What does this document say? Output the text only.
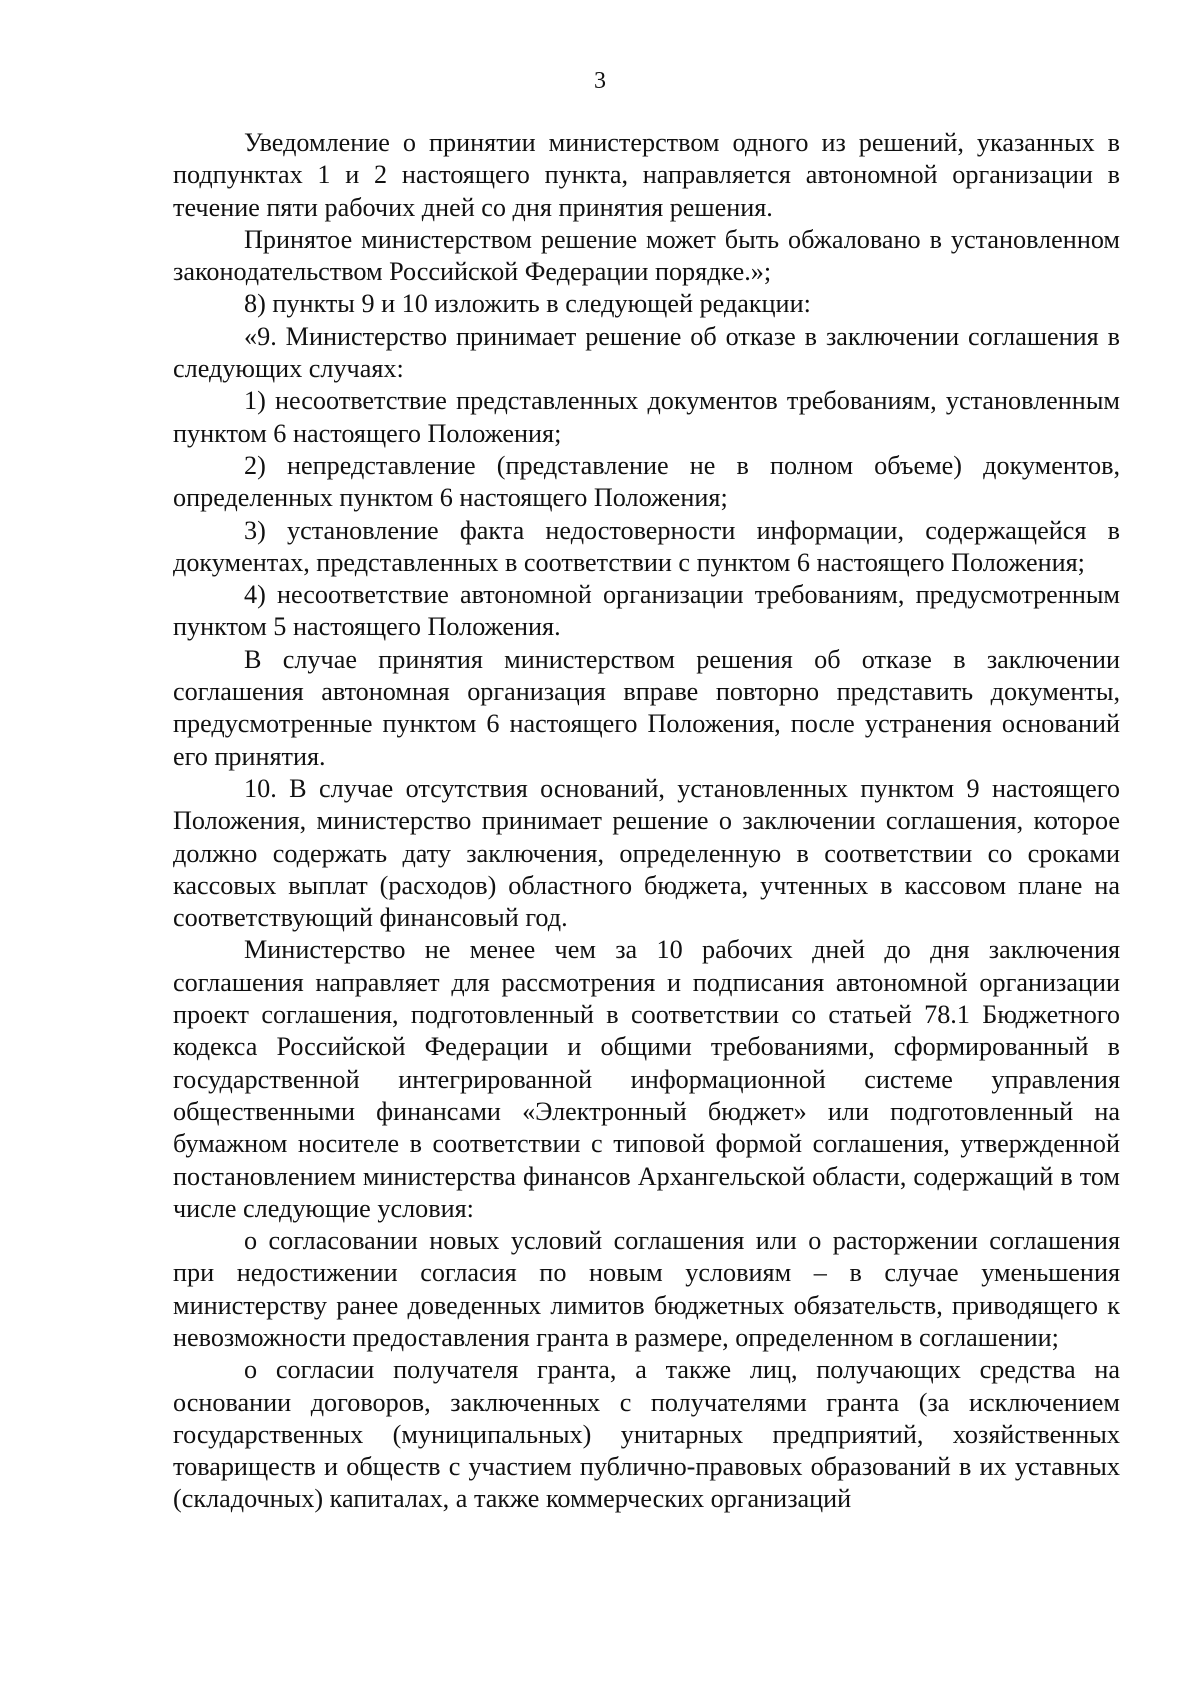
3

Уведомление о принятии министерством одного из решений, указанных в подпунктах 1 и 2 настоящего пункта, направляется автономной организации в течение пяти рабочих дней со дня принятия решения.

Принятое министерством решение может быть обжаловано в установленном законодательством Российской Федерации порядке.»;

8) пункты 9 и 10 изложить в следующей редакции:

«9. Министерство принимает решение об отказе в заключении соглашения в следующих случаях:

1) несоответствие представленных документов требованиям, установленным пунктом 6 настоящего Положения;

2) непредставление (представление не в полном объеме) документов, определенных пунктом 6 настоящего Положения;

3) установление факта недостоверности информации, содержащейся в документах, представленных в соответствии с пунктом 6 настоящего Положения;

4) несоответствие автономной организации требованиям, предусмотренным пунктом 5 настоящего Положения.

В случае принятия министерством решения об отказе в заключении соглашения автономная организация вправе повторно представить документы, предусмотренные пунктом 6 настоящего Положения, после устранения оснований его принятия.

10. В случае отсутствия оснований, установленных пунктом 9 настоящего Положения, министерство принимает решение о заключении соглашения, которое должно содержать дату заключения, определенную в соответствии со сроками кассовых выплат (расходов) областного бюджета, учтенных в кассовом плане на соответствующий финансовый год.

Министерство не менее чем за 10 рабочих дней до дня заключения соглашения направляет для рассмотрения и подписания автономной организации проект соглашения, подготовленный в соответствии со статьей 78.1 Бюджетного кодекса Российской Федерации и общими требованиями, сформированный в государственной интегрированной информационной системе управления общественными финансами «Электронный бюджет» или подготовленный на бумажном носителе в соответствии с типовой формой соглашения, утвержденной постановлением министерства финансов Архангельской области, содержащий в том числе следующие условия:

о согласовании новых условий соглашения или о расторжении соглашения при недостижении согласия по новым условиям – в случае уменьшения министерству ранее доведенных лимитов бюджетных обязательств, приводящего к невозможности предоставления гранта в размере, определенном в соглашении;

о согласии получателя гранта, а также лиц, получающих средства на основании договоров, заключенных с получателями гранта (за исключением государственных (муниципальных) унитарных предприятий, хозяйственных товариществ и обществ с участием публично-правовых образований в их уставных (складочных) капиталах, а также коммерческих организаций
